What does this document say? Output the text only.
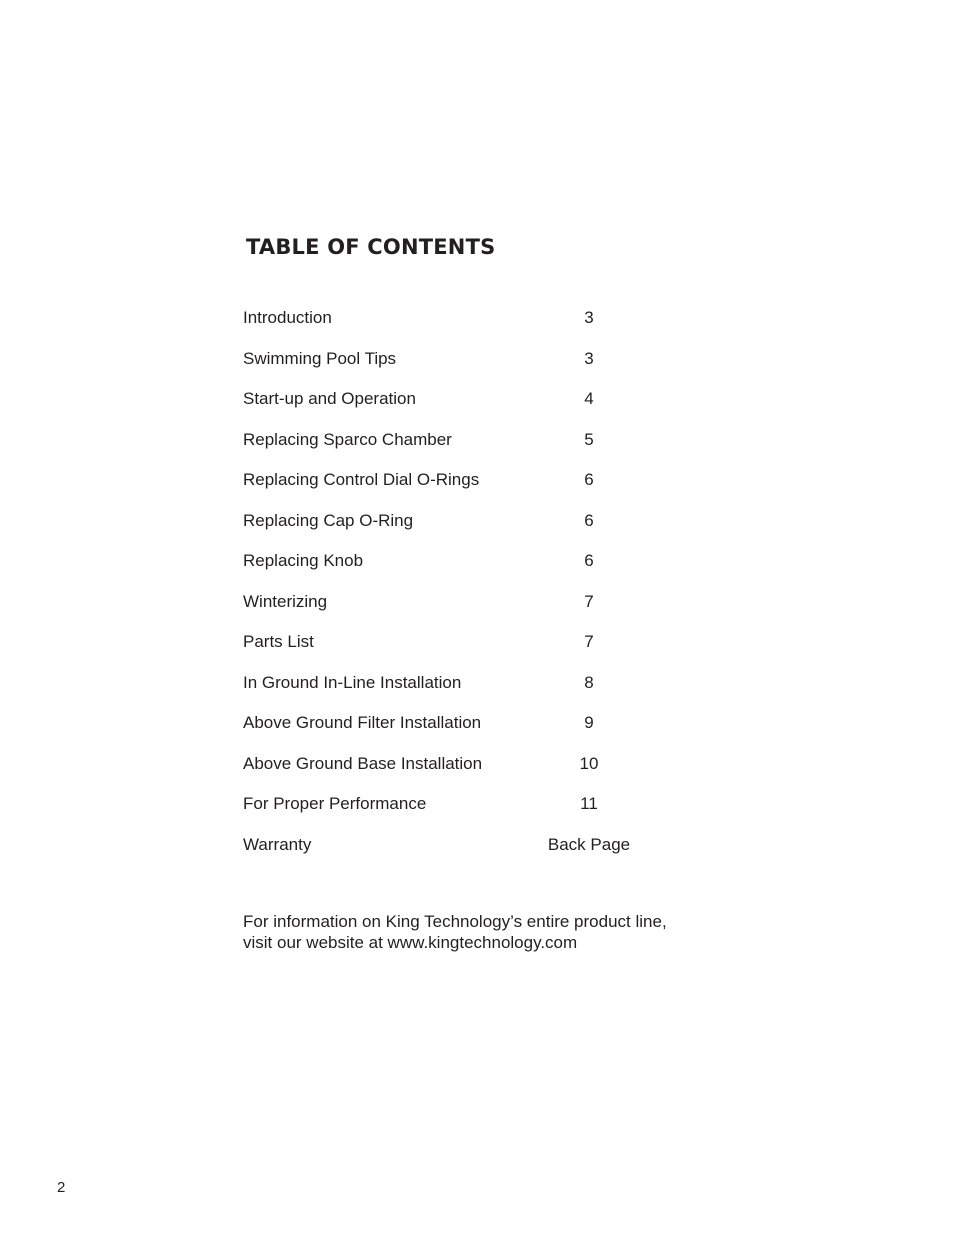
TABLE OF CONTENTS
Introduction	3
Swimming Pool Tips	3
Start-up and Operation	4
Replacing Sparco Chamber	5
Replacing Control Dial O-Rings	6
Replacing Cap O-Ring	6
Replacing Knob	6
Winterizing	7
Parts List	7
In Ground In-Line Installation	8
Above Ground Filter Installation	9
Above Ground Base Installation	10
For Proper Performance	11
Warranty	Back Page

For information on King Technology’s entire product line,
visit our website at www.kingtechnology.com

2
